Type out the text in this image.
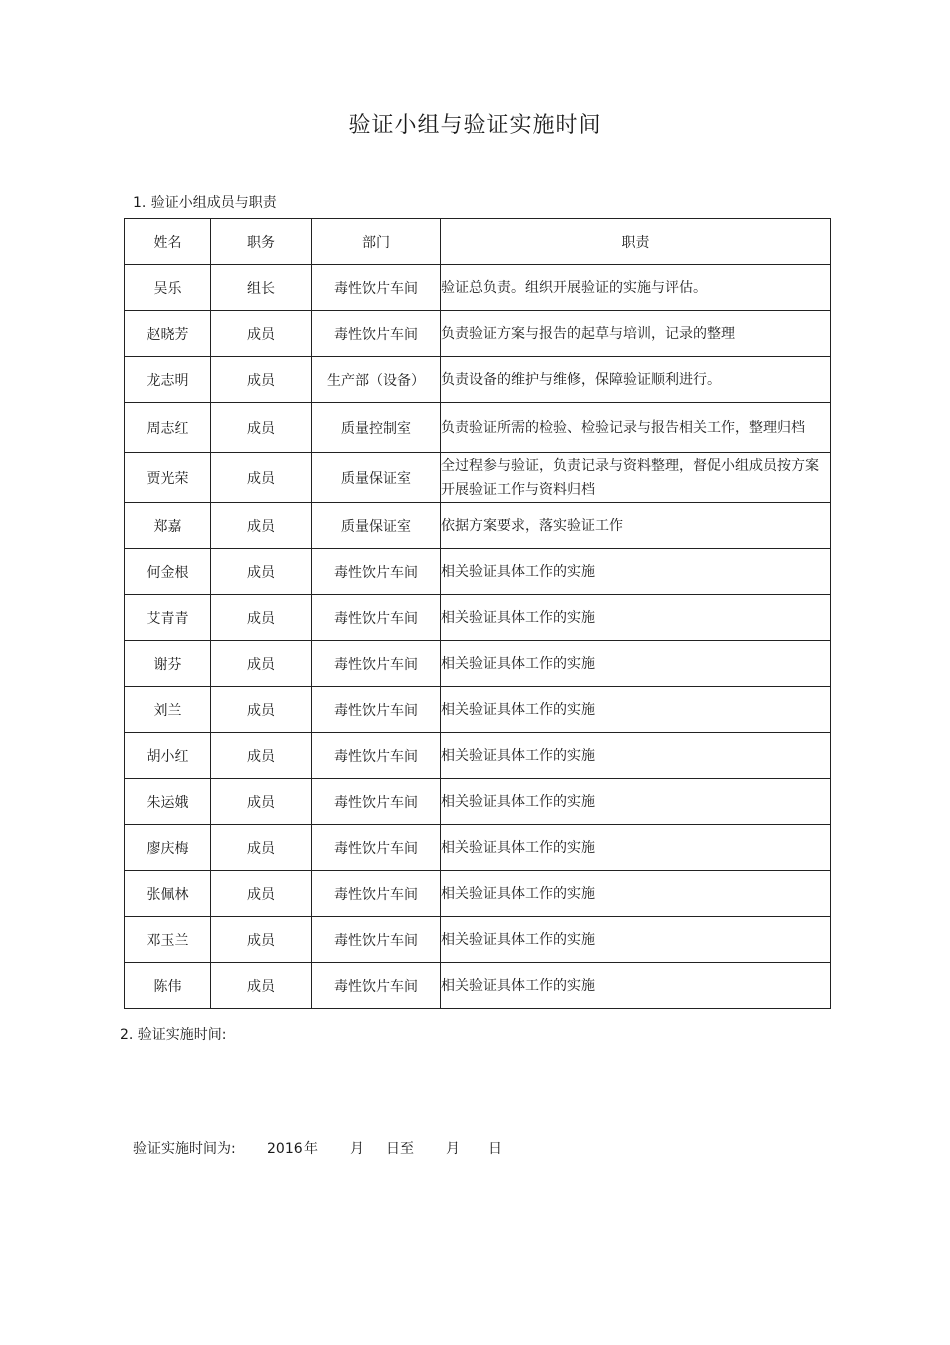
验证小组与验证实施时间
1. 验证小组成员与职责
姓名	职务	部门	职责
吴乐	组长	毒性饮片车间	验证总负责。组织开展验证的实施与评估。
赵晓芳	成员	毒性饮片车间	负责验证方案与报告的起草与培训，记录的整理
龙志明	成员	生产部（设备）	负责设备的维护与维修，保障验证顺利进行。
周志红	成员	质量控制室	负责验证所需的检验、检验记录与报告相关工作，整理归档
贾光荣	成员	质量保证室	全过程参与验证，负责记录与资料整理，督促小组成员按方案开展验证工作与资料归档
郑嘉	成员	质量保证室	依据方案要求，落实验证工作
何金根	成员	毒性饮片车间	相关验证具体工作的实施
艾青青	成员	毒性饮片车间	相关验证具体工作的实施
谢芬	成员	毒性饮片车间	相关验证具体工作的实施
刘兰	成员	毒性饮片车间	相关验证具体工作的实施
胡小红	成员	毒性饮片车间	相关验证具体工作的实施
朱运娥	成员	毒性饮片车间	相关验证具体工作的实施
廖庆梅	成员	毒性饮片车间	相关验证具体工作的实施
张佩林	成员	毒性饮片车间	相关验证具体工作的实施
邓玉兰	成员	毒性饮片车间	相关验证具体工作的实施
陈伟	成员	毒性饮片车间	相关验证具体工作的实施
2. 验证实施时间:
验证实施时间为: 2016年 月 日至 月 日
